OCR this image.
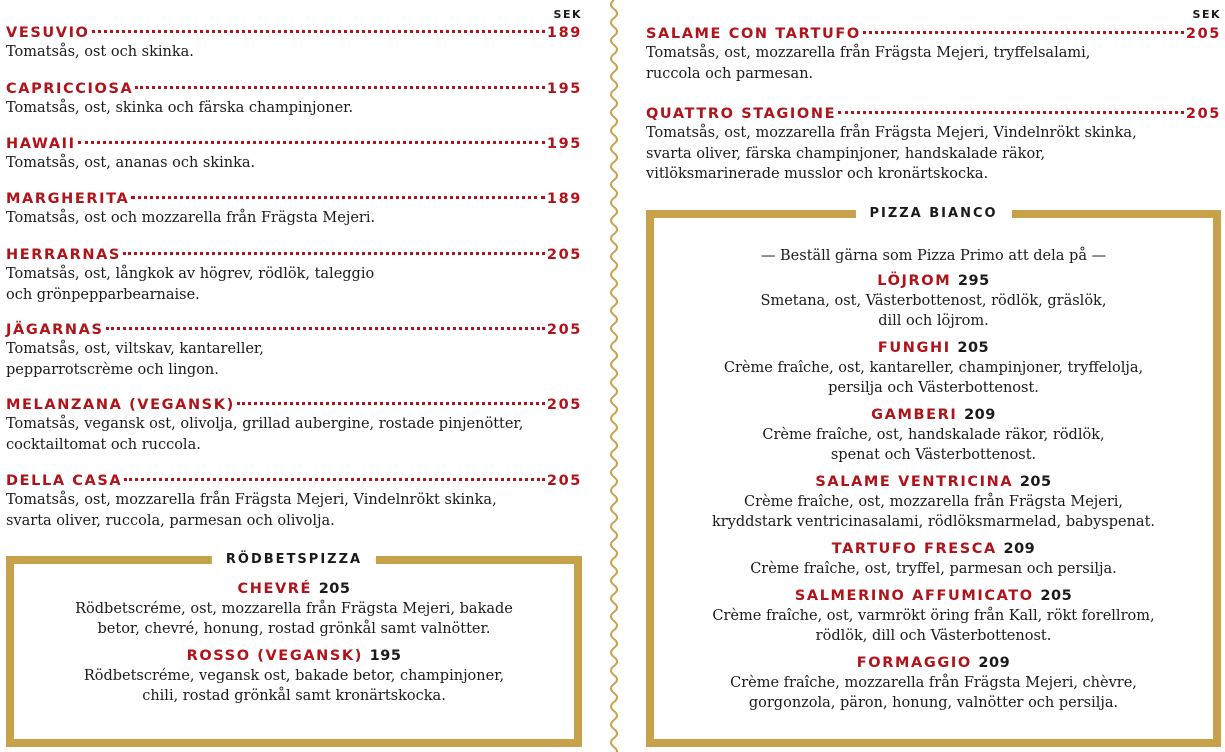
SEK
VESUVIO	189
Tomatsås, ost och skinka.
CAPRICCIOSA	195
Tomatsås, ost, skinka och färska champinjoner.
HAWAII	195
Tomatsås, ost, ananas och skinka.
MARGHERITA	189
Tomatsås, ost och mozzarella från Frägsta Mejeri.
HERRARNAS	205
Tomatsås, ost, långkok av högrev, rödlök, taleggio
och grönpepparbearnaise.
JÄGARNAS	205
Tomatsås, ost, viltskav, kantareller,
pepparrotscrème och lingon.
MELANZANA (VEGANSK)	205
Tomatsås, vegansk ost, olivolja, grillad aubergine, rostade pinjenötter,
cocktailtomat och ruccola.
DELLA CASA	205
Tomatsås, ost, mozzarella från Frägsta Mejeri, Vindelnrökt skinka,
svarta oliver, ruccola, parmesan och olivolja.
RÖDBETSPIZZA
CHEVRÉ 205
Rödbetscréme, ost, mozzarella från Frägsta Mejeri, bakade
betor, chevré, honung, rostad grönkål samt valnötter.
ROSSO (VEGANSK) 195
Rödbetscréme, vegansk ost, bakade betor, champinjoner,
chili, rostad grönkål samt kronärtskocka.
SEK
SALAME CON TARTUFO	205
Tomatsås, ost, mozzarella från Frägsta Mejeri, tryffelsalami,
ruccola och parmesan.
QUATTRO STAGIONE	205
Tomatsås, ost, mozzarella från Frägsta Mejeri, Vindelnrökt skinka,
svarta oliver, färska champinjoner, handskalade räkor,
vitlöksmarinerade musslor och kronärtskocka.
PIZZA BIANCO
— Beställ gärna som Pizza Primo att dela på —
LÖJROM 295
Smetana, ost, Västerbottenost, rödlök, gräslök,
dill och löjrom.
FUNGHI 205
Crème fraîche, ost, kantareller, champinjoner, tryffelolja,
persilja och Västerbottenost.
GAMBERI 209
Crème fraîche, ost, handskalade räkor, rödlök,
spenat och Västerbottenost.
SALAME VENTRICINA 205
Crème fraîche, ost, mozzarella från Frägsta Mejeri,
kryddstark ventricinasalami, rödlöksmarmelad, babyspenat.
TARTUFO FRESCA 209
Crème fraîche, ost, tryffel, parmesan och persilja.
SALMERINO AFFUMICATO 205
Crème fraîche, ost, varmrökt öring från Kall, rökt forellrom,
rödlök, dill och Västerbottenost.
FORMAGGIO 209
Crème fraîche, mozzarella från Frägsta Mejeri, chèvre,
gorgonzola, päron, honung, valnötter och persilja.
